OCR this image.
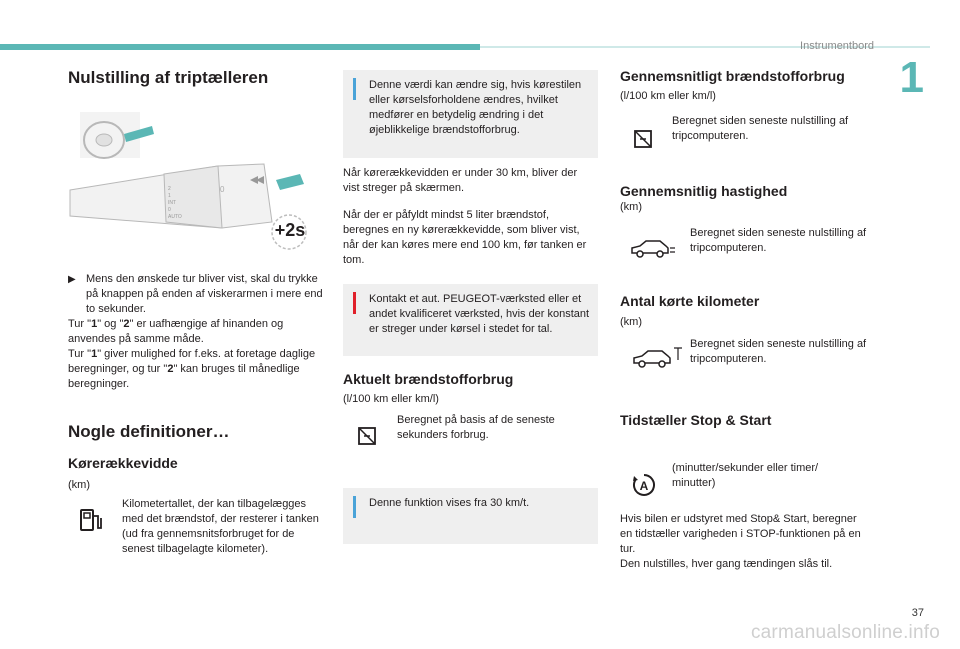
Instrumentbord
1
Nulstilling af triptælleren
2
1
INT
0
AUTO
0
+2s
▶ Mens den ønskede tur bliver vist, skal du trykke på knappen på enden af viskerarmen i mere end to sekunder.
Tur "1" og "2" er uafhængige af hinanden og anvendes på samme måde.
Tur "1" giver mulighed for f.eks. at foretage daglige beregninger, og tur "2" kan bruges til månedlige beregninger.
Nogle definitioner…
Kørerækkevidde
(km)
Kilometertallet, der kan tilbagelægges med det brændstof, der resterer i tanken (ud fra gennemsnitsforbruget for de senest tilbagelagte kilometer).
Denne værdi kan ændre sig, hvis kørestilen eller kørselsforholdene ændres, hvilket medfører en betydelig ændring i det øjeblikkelige brændstofforbrug.
Når kørerækkevidden er under 30 km, bliver der vist streger på skærmen.
Når der er påfyldt mindst 5 liter brændstof, beregnes en ny kørerækkevidde, som bliver vist, når der kan køres mere end 100 km, før tanken er tom.
Kontakt et aut. PEUGEOT-værksted eller et andet kvalificeret værksted, hvis der konstant er streger under kørsel i stedet for tal.
Aktuelt brændstofforbrug
(l/100 km eller km/l)
Beregnet på basis af de seneste sekunders forbrug.
Denne funktion vises fra 30 km/t.
Gennemsnitligt brændstofforbrug
(l/100 km eller km/l)
Beregnet siden seneste nulstilling af tripcomputeren.
Gennemsnitlig hastighed
(km)
Beregnet siden seneste nulstilling af tripcomputeren.
Antal kørte kilometer
(km)
Beregnet siden seneste nulstilling af tripcomputeren.
Tidstæller Stop & Start
A
(minutter/sekunder eller timer/ minutter)
Hvis bilen er udstyret med Stop& Start, beregner en tidstæller varigheden i STOP-funktionen på en tur.
Den nulstilles, hver gang tændingen slås til.
37
carmanualsonline.info
